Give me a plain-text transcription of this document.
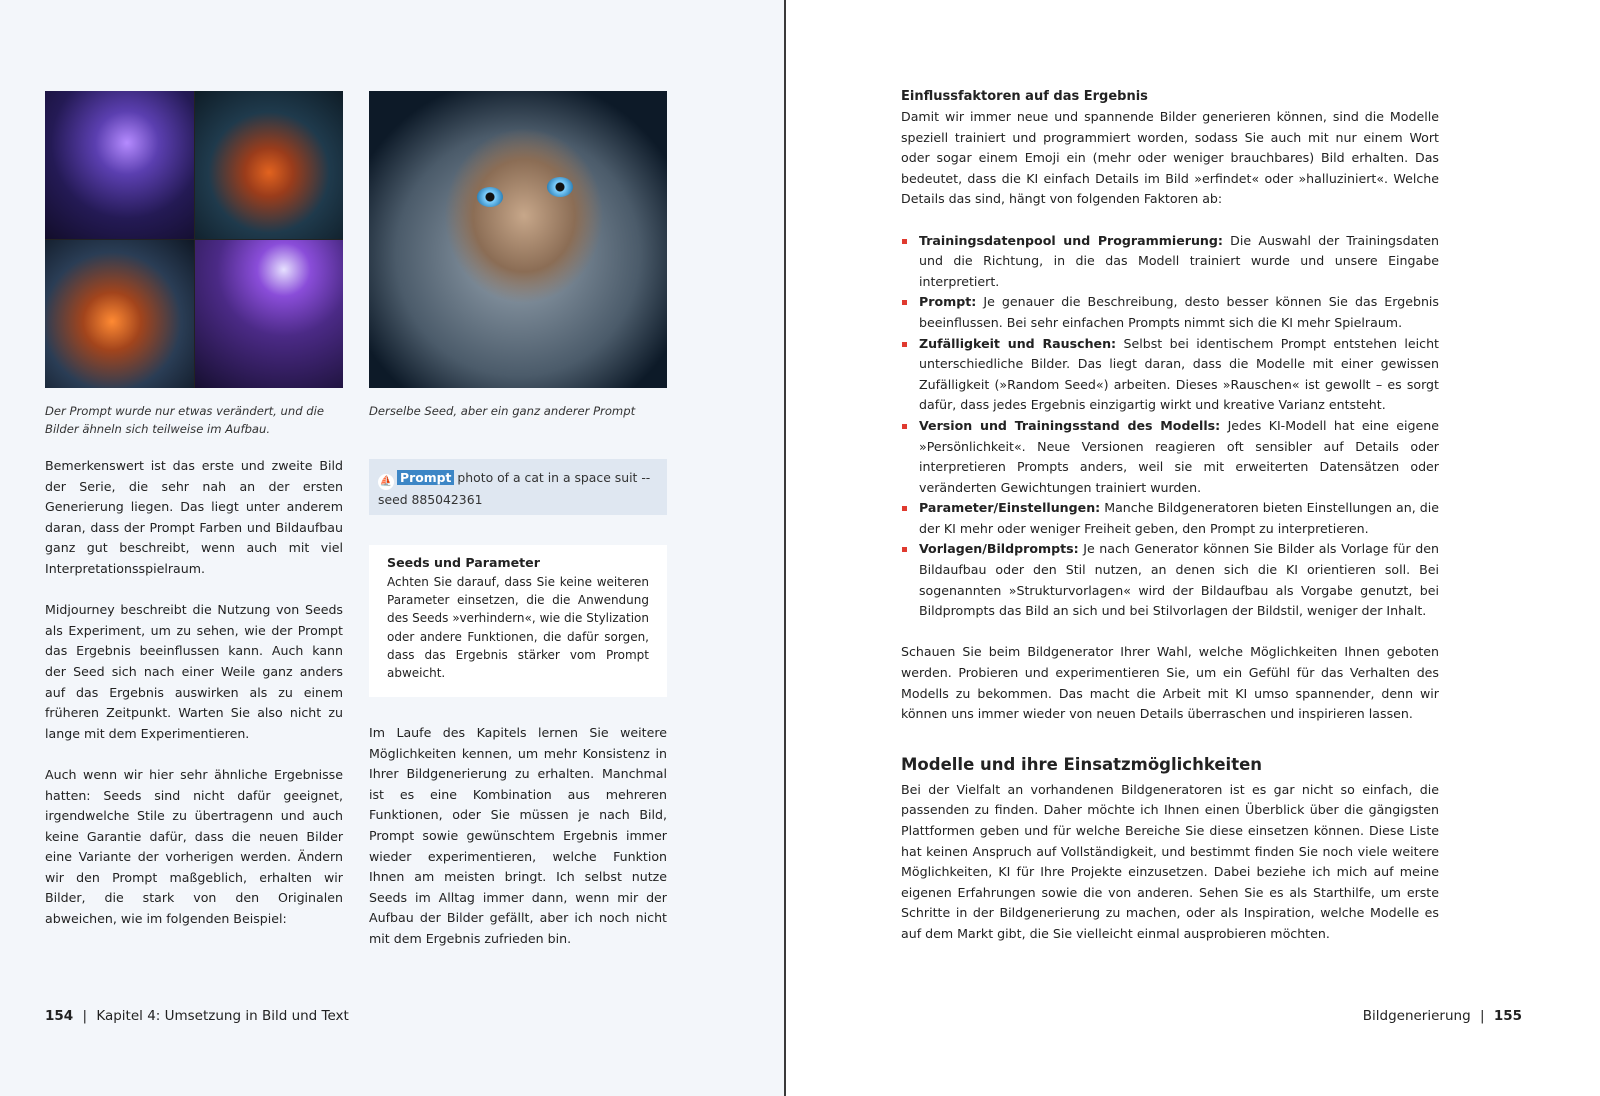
Der Prompt wurde nur etwas verändert, und die Bilder ähneln sich teilweise im Aufbau.
Derselbe Seed, aber ein ganz anderer Prompt

Bemerkenswert ist das erste und zweite Bild der Serie, die sehr nah an der ersten Generierung liegen. Das liegt unter anderem daran, dass der Prompt Farben und Bildaufbau ganz gut beschreibt, wenn auch mit viel Interpretationsspielraum.

Midjourney beschreibt die Nutzung von Seeds als Experiment, um zu sehen, wie der Prompt das Ergebnis beeinflussen kann. Auch kann der Seed sich nach einer Weile ganz anders auf das Ergebnis auswirken als zu einem früheren Zeitpunkt. Warten Sie also nicht zu lange mit dem Experimentieren.

Auch wenn wir hier sehr ähnliche Ergebnisse hatten: Seeds sind nicht dafür geeignet, irgendwelche Stile zu übertragenn und auch keine Garantie dafür, dass die neuen Bilder eine Variante der vorherigen werden. Ändern wir den Prompt maßgeblich, erhalten wir Bilder, die stark von den Originalen abweichen, wie im folgenden Beispiel:

⛵ Prompt photo of a cat in a space suit --seed 885042361
Seeds und Parameter

Achten Sie darauf, dass Sie keine weiteren Parameter einsetzen, die die Anwendung des Seeds »verhindern«, wie die Stylization oder andere Funktionen, die dafür sorgen, dass das Ergebnis stärker vom Prompt abweicht.

Im Laufe des Kapitels lernen Sie weitere Möglichkeiten kennen, um mehr Konsistenz in Ihrer Bildgenerierung zu erhalten. Manchmal ist es eine Kombination aus mehreren Funktionen, oder Sie müssen je nach Bild, Prompt sowie gewünschtem Ergebnis immer wieder experimentieren, welche Funktion Ihnen am meisten bringt. Ich selbst nutze Seeds im Alltag immer dann, wenn mir der Aufbau der Bilder gefällt, aber ich noch nicht mit dem Ergebnis zufrieden bin.

154 | Kapitel 4: Umsetzung in Bild und Text
Einflussfaktoren auf das Ergebnis

Damit wir immer neue und spannende Bilder generieren können, sind die Modelle speziell trainiert und programmiert worden, sodass Sie auch mit nur einem Wort oder sogar einem Emoji ein (mehr oder weniger brauchbares) Bild erhalten. Das bedeutet, dass die KI einfach Details im Bild »erfindet« oder »halluziniert«. Welche Details das sind, hängt von folgenden Faktoren ab:

Trainingsdatenpool und Programmierung: Die Auswahl der Trainingsdaten und die Richtung, in die das Modell trainiert wurde und unsere Eingabe interpretiert.
Prompt: Je genauer die Beschreibung, desto besser können Sie das Ergebnis beeinflussen. Bei sehr einfachen Prompts nimmt sich die KI mehr Spielraum.
Zufälligkeit und Rauschen: Selbst bei identischem Prompt entstehen leicht unterschiedliche Bilder. Das liegt daran, dass die Modelle mit einer gewissen Zufälligkeit (»Random Seed«) arbeiten. Dieses »Rauschen« ist gewollt – es sorgt dafür, dass jedes Ergebnis einzigartig wirkt und kreative Varianz entsteht.
Version und Trainingsstand des Modells: Jedes KI-Modell hat eine eigene »Persönlichkeit«. Neue Versionen reagieren oft sensibler auf Details oder interpretieren Prompts anders, weil sie mit erweiterten Datensätzen oder veränderten Gewichtungen trainiert wurden.
Parameter/Einstellungen: Manche Bildgeneratoren bieten Einstellungen an, die der KI mehr oder weniger Freiheit geben, den Prompt zu interpretieren.
Vorlagen/Bildprompts: Je nach Generator können Sie Bilder als Vorlage für den Bildaufbau oder den Stil nutzen, an denen sich die KI orientieren soll. Bei sogenannten »Strukturvorlagen« wird der Bildaufbau als Vorgabe genutzt, bei Bildprompts das Bild an sich und bei Stilvorlagen der Bildstil, weniger der Inhalt.

Schauen Sie beim Bildgenerator Ihrer Wahl, welche Möglichkeiten Ihnen geboten werden. Probieren und experimentieren Sie, um ein Gefühl für das Verhalten des Modells zu bekommen. Das macht die Arbeit mit KI umso spannender, denn wir können uns immer wieder von neuen Details überraschen und inspirieren lassen.

Modelle und ihre Einsatzmöglichkeiten

Bei der Vielfalt an vorhandenen Bildgeneratoren ist es gar nicht so einfach, die passenden zu finden. Daher möchte ich Ihnen einen Überblick über die gängigsten Plattformen geben und für welche Bereiche Sie diese einsetzen können. Diese Liste hat keinen Anspruch auf Vollständigkeit, und bestimmt finden Sie noch viele weitere Möglichkeiten, KI für Ihre Projekte einzusetzen. Dabei beziehe ich mich auf meine eigenen Erfahrungen sowie die von anderen. Sehen Sie es als Starthilfe, um erste Schritte in der Bildgenerierung zu machen, oder als Inspiration, welche Modelle es auf dem Markt gibt, die Sie vielleicht einmal ausprobieren möchten.

Bildgenerierung | 155
